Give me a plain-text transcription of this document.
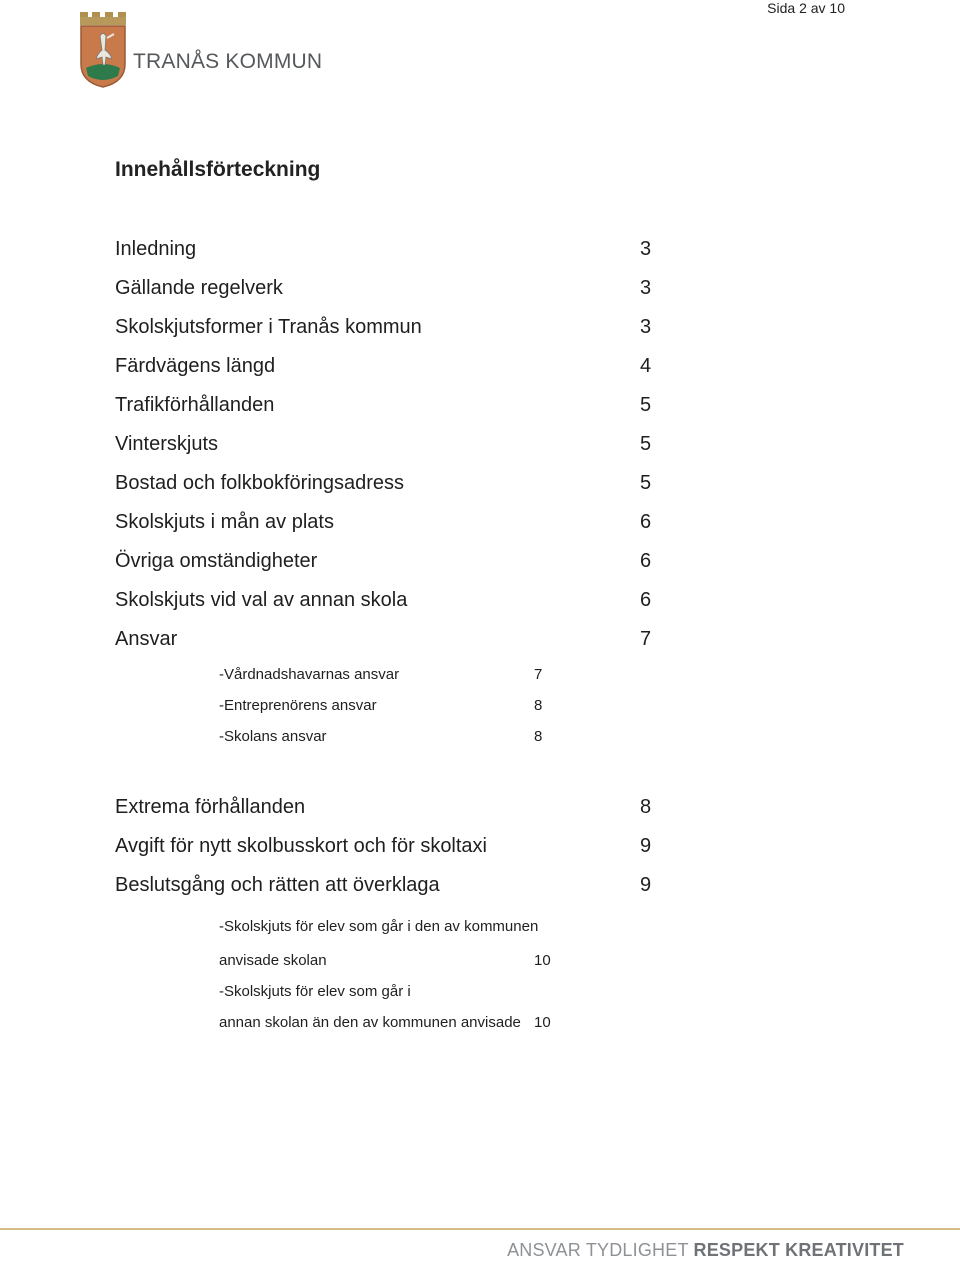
Sida 2 av 10
TRANÅS KOMMUN
Innehållsförteckning
Inledning	3
Gällande regelverk	3
Skolskjutsformer i Tranås kommun	3
Färdvägens längd	4
Trafikförhållanden	5
Vinterskjuts	5
Bostad och folkbokföringsadress	5
Skolskjuts i mån av plats	6
Övriga omständigheter	6
Skolskjuts vid val av annan skola	6
Ansvar	7
-Vårdnadshavarnas ansvar	7
-Entreprenörens ansvar	8
-Skolans ansvar	8
Extrema förhållanden	8
Avgift för nytt skolbusskort och för skoltaxi	9
Beslutsgång och rätten att överklaga	9
-Skolskjuts för elev som går i den av kommunen
anvisade skolan	10
-Skolskjuts för elev som går i
annan skolan än den av kommunen anvisade 10
ANSVAR TYDLIGHET RESPEKT KREATIVITET
